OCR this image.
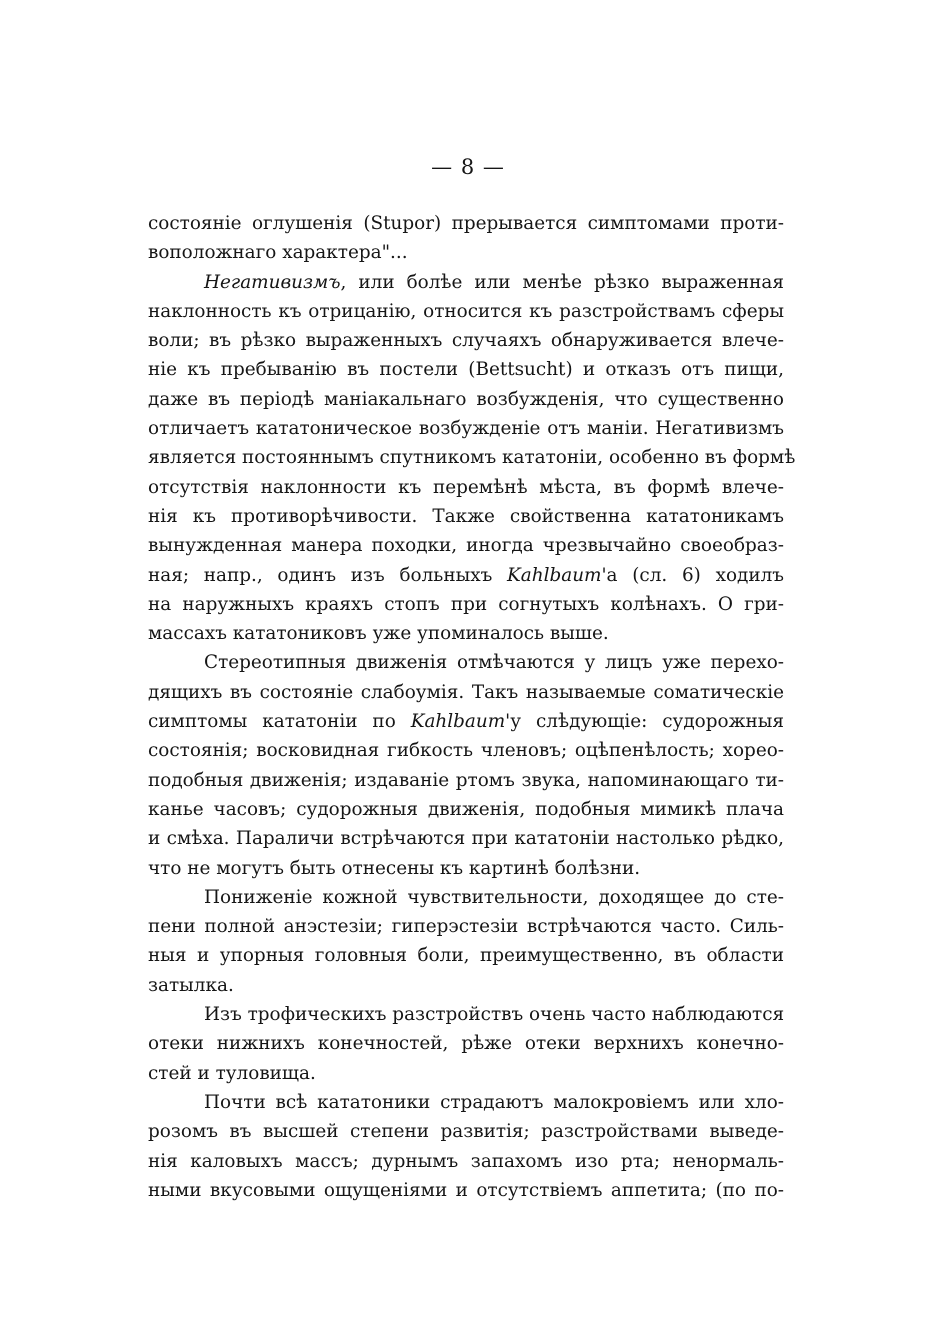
— 8 —
состояніе оглушенія (Stupor) прерывается симптомами проти-
воположнаго характера"...
Негативизмъ, или болѣе или менѣе рѣзко выраженная
наклонность къ отрицанію, относится къ разстройствамъ сферы
воли; въ рѣзко выраженныхъ случаяхъ обнаруживается влече-
ніе къ пребыванію въ постели (Bettsucht) и отказъ отъ пищи,
даже въ періодѣ маніакальнаго возбужденія, что существенно
отличаетъ кататоническое возбужденіе отъ маніи. Негативизмъ
является постояннымъ спутникомъ кататоніи, особенно въ формѣ
отсутствія наклонности къ перемѣнѣ мѣста, въ формѣ влече-
нія къ противорѣчивости. Также свойственна кататоникамъ
вынужденная манера походки, иногда чрезвычайно своеобраз-
ная; напр., одинъ изъ больныхъ Kahlbaum'а (сл. 6) ходилъ
на наружныхъ краяхъ стопъ при согнутыхъ колѣнахъ. О гри-
массахъ кататониковъ уже упоминалось выше.
Стереотипныя движенія отмѣчаются у лицъ уже перехо-
дящихъ въ состояніе слабоумія. Такъ называемые соматическіе
симптомы кататоніи по Kahlbaum'у слѣдующіе: судорожныя
состоянія; восковидная гибкость членовъ; оцѣпенѣлость; хорео-
подобныя движенія; издаваніе ртомъ звука, напоминающаго ти-
канье часовъ; судорожныя движенія, подобныя мимикѣ плача
и смѣха. Параличи встрѣчаются при кататоніи настолько рѣдко,
что не могутъ быть отнесены къ картинѣ болѣзни.
Пониженіе кожной чувствительности, доходящее до сте-
пени полной анэстезіи; гиперэстезіи встрѣчаются часто. Силь-
ныя и упорныя головныя боли, преимущественно, въ области
затылка.
Изъ трофическихъ разстройствъ очень часто наблюдаются
отеки нижнихъ конечностей, рѣже отеки верхнихъ конечно-
стей и туловища.
Почти всѣ кататоники страдаютъ малокровіемъ или хло-
розомъ въ высшей степени развитія; разстройствами выведе-
нія каловыхъ массъ; дурнымъ запахомъ изо рта; ненормаль-
ными вкусовыми ощущеніями и отсутствіемъ аппетита; (по по-
